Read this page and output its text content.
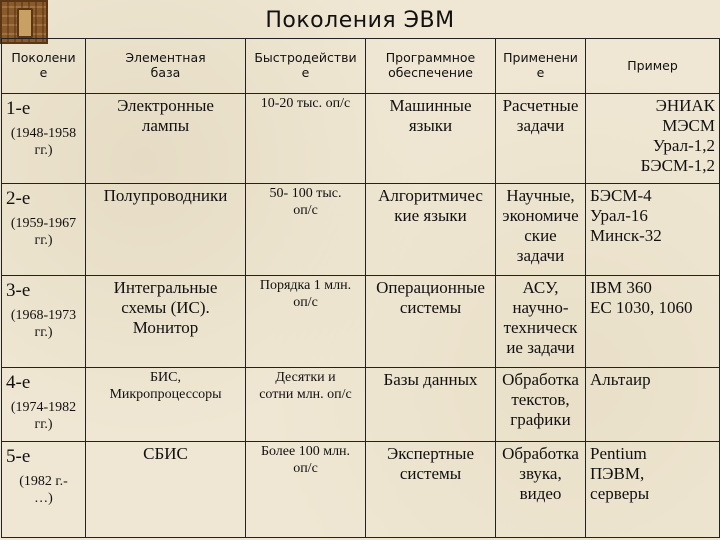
Поколения ЭВМ
Поколени
е	Элементная
база	Быстродействи
е	Программное
обеспечение	Применени
е	Пример

1-е
(1948-1958
гг.)	Электронные
лампы	10-20 тыс. оп/с	Машинные
языки	Расчетные
задачи	ЭНИАК
МЭСМ
Урал-1,2
БЭСМ-1,2

2-е
(1959-1967
гг.)	Полупроводники	50- 100 тыс.
оп/с	Алгоритмичес
кие языки	Научные,
экономиче
ские
задачи	БЭСМ-4
Урал-16
Минск-32

3-е
(1968-1973
гг.)	Интегральные
схемы (ИС).
Монитор	Порядка 1 млн.
оп/с	Операционные
системы	АСУ,
научно-
техническ
ие задачи	IBM 360
ЕС 1030, 1060

4-е
(1974-1982
гг.)	БИС,
Микропроцессоры	Десятки и
сотни млн. оп/с	Базы данных	Обработка
текстов,
графики	Альтаир

5-е
(1982 г.-
…)	СБИС	Более 100 млн.
оп/с	Экспертные
системы	Обработка
звука,
видео	Pentium
ПЭВМ,
серверы
